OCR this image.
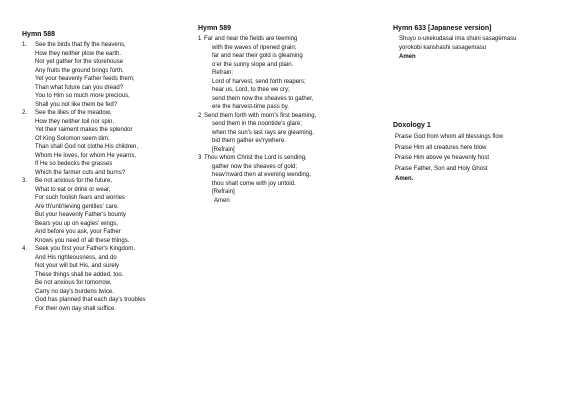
Hymn 588
1. See the birds that fly the heavens,
How they neither plow the earth.
Nor yet gather for the storehouse
Any fruits the ground brings forth.
Yet your heavenly Father feeds them;
Than what future can you dread?
You to Him so much more precious,
Shall you not like them be fed?
2. See the lilies of the meadow,
How they neither toil nor spin.
Yet their raiment makes the splendor
Of King Solomon seem dim.
Than shall God not clothe His children,
Whom He loves, for whom He yearns,
If He so bedecks the grasses
Which the farmer cuts and burns?
3. Be not anxious for the future,
What to eat or drink or wear,
For such foolish fears and worries
Are th'unb'lieving gentiles' care.
But your heavenly Father's bounty
Bears you up on eagles' wings,
And before you ask, your Father
Knows you need of all these things.
4. Seek you first your Father's Kingdom,
And His righteousness, and do
Not your will but His, and surely
These things shall be added, too.
Be not anxious for tomorrow,
Carry no day's burdens twice.
God has planned that each day's troubles
For their own day shall suffice.
Hymn 589
1 Far and near the fields are teeming
with the waves of ripened grain;
far and near their gold is gleaming
o'er the sunny slope and plain.
Refrain:
Lord of harvest, send forth reapers;
hear us, Lord, to thee we cry;
send them now the sheaves to gather,
ere the harvest-time pass by.
2 Send them forth with morn's first beaming,
send them in the noontide's glare;
when the sun's last rays are gleaming,
bid them gather ev'rywhere.
[Refrain]
3 Thou whom Christ the Lord is sending,
gather now the sheaves of gold;
heav'nward then at evening wending,
thou shalt come with joy untold.
[Refrain]
Amen
Hymn 633 [Japanese version]
Shuyo o-ukekudasai ima shuni sasagemasu
yorokobi kanshashi sasagemasu
Amen
Doxology 1
Praise God from whom all blessings flow
Praise Him all creatures here blow
Praise Him above ye heavenly host
Praise Father, Son and Holy Ghost
Amen.
